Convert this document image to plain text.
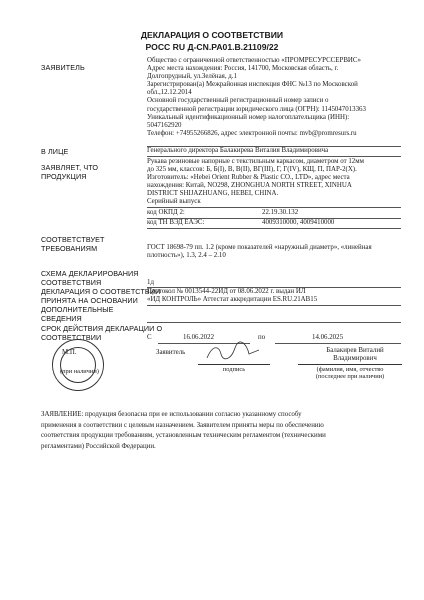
ДЕКЛАРАЦИЯ О СООТВЕТСТВИИ
РОСС RU Д-CN.PA01.B.21109/22
ЗАЯВИТЕЛЬ
Общество с ограниченной ответственностью «ПРОМРЕСУРССЕРВИС»
Адрес места нахождения: Россия, 141700, Московская область, г.
Долгопрудный, ул.Зелёная, д.1
Зарегистрирован(а) Межрайонная инспекция ФНС №13 по Московской
обл.,12.12.2014
Основной государственный регистрационный номер записи о
государственной регистрации юридического лица (ОГРН): 1145047013363
Уникальный идентификационный номер налогоплательщика (ИНН):
5047162920
Телефон: +74955266826, адрес электронной почты: mvb@promresurs.ru
В ЛИЦЕ	Генерального директора Балакирева Виталия Владимировича
ЗАЯВЛЯЕТ, ЧТО
ПРОДУКЦИЯ
Рукава резиновые напорные с текстильным каркасом, диаметром от 12мм
до 325 мм, классов: Б, Б(I), В, В(II), ВГ(III), Г, Г(IV), КЩ, П, ПАР-2(Х).
Изготовитель: «Hebei Orient Rubber & Plastic CO., LTD», адрес места
нахождения: Китай, NO298, ZHONGHUA NORTH STREET, XINHUA
DISTRICT SHIJAZHUANG, HEBEI, CHINA.
Серийный выпуск
код ОКПД 2:	22.19.30.132
код ТН ВЭД ЕАЭС:	4009310000, 4009410000
СООТВЕТСТВУЕТ
ТРЕБОВАНИЯМ	ГОСТ 18698-79 пп. 1.2 (кроме показателей «наружный диаметр», «линейная
плотность»), 1.3, 2.4 – 2.10
СХЕМА ДЕКЛАРИРОВАНИЯ
СООТВЕТСТВИЯ	1д
ДЕКЛАРАЦИЯ О СООТВЕТСТВИИ
ПРИНЯТА НА ОСНОВАНИИ
Протокол № 0013544-22ИД от 08.06.2022 г. выдан ИЛ
«ИД КОНТРОЛЬ» Аттестат аккредитации ES.RU.21AB15
ДОПОЛНИТЕЛЬНЫЕ
СВЕДЕНИЯ
СРОК ДЕЙСТВИЯ ДЕКЛАРАЦИИ О
СООТВЕТСТВИИ	С	16.06.2022	по	14.06.2025
М.П.	Заявитель	Балакирев Виталий
Владимирович
(при наличии)	подпись	(фамилия, имя, отчество
(последнее при наличии)
ЗАЯВЛЕНИЕ: продукция безопасна при ее использовании согласно указанному способу
применения в соответствии с целевым назначением. Заявителем приняты меры по обеспечению
соответствия продукции требованиям, установленным техническим регламентом (техническими
регламентами) Российской Федерации.
